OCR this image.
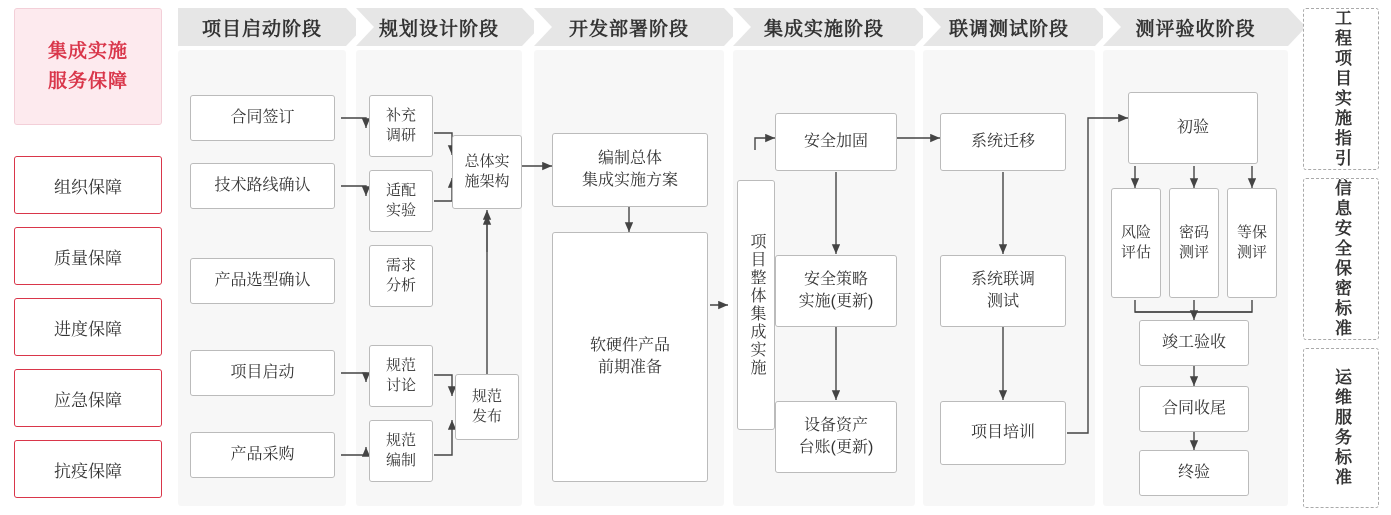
集成实施
服务保障
组织保障
质量保障
进度保障
应急保障
抗疫保障
项目启动阶段	规划设计阶段	开发部署阶段	集成实施阶段	联调测试阶段	测评验收阶段
合同签订
技术路线确认
产品选型确认
项目启动
产品采购
补充
调研
适配
实验
需求
分析
规范
讨论
规范
编制
总体实
施架构
规范
发布
编制总体
集成实施方案
软硬件产品
前期准备	项目整体集成实施
安全加固
安全策略
实施(更新)
设备资产
台账(更新)
系统迁移
系统联调
测试
项目培训
初验
风险
评估
密码
测评
等保
测评
竣工验收
合同收尾
终验
工程项目实施指引
信息安全保密标准
运维服务标准
